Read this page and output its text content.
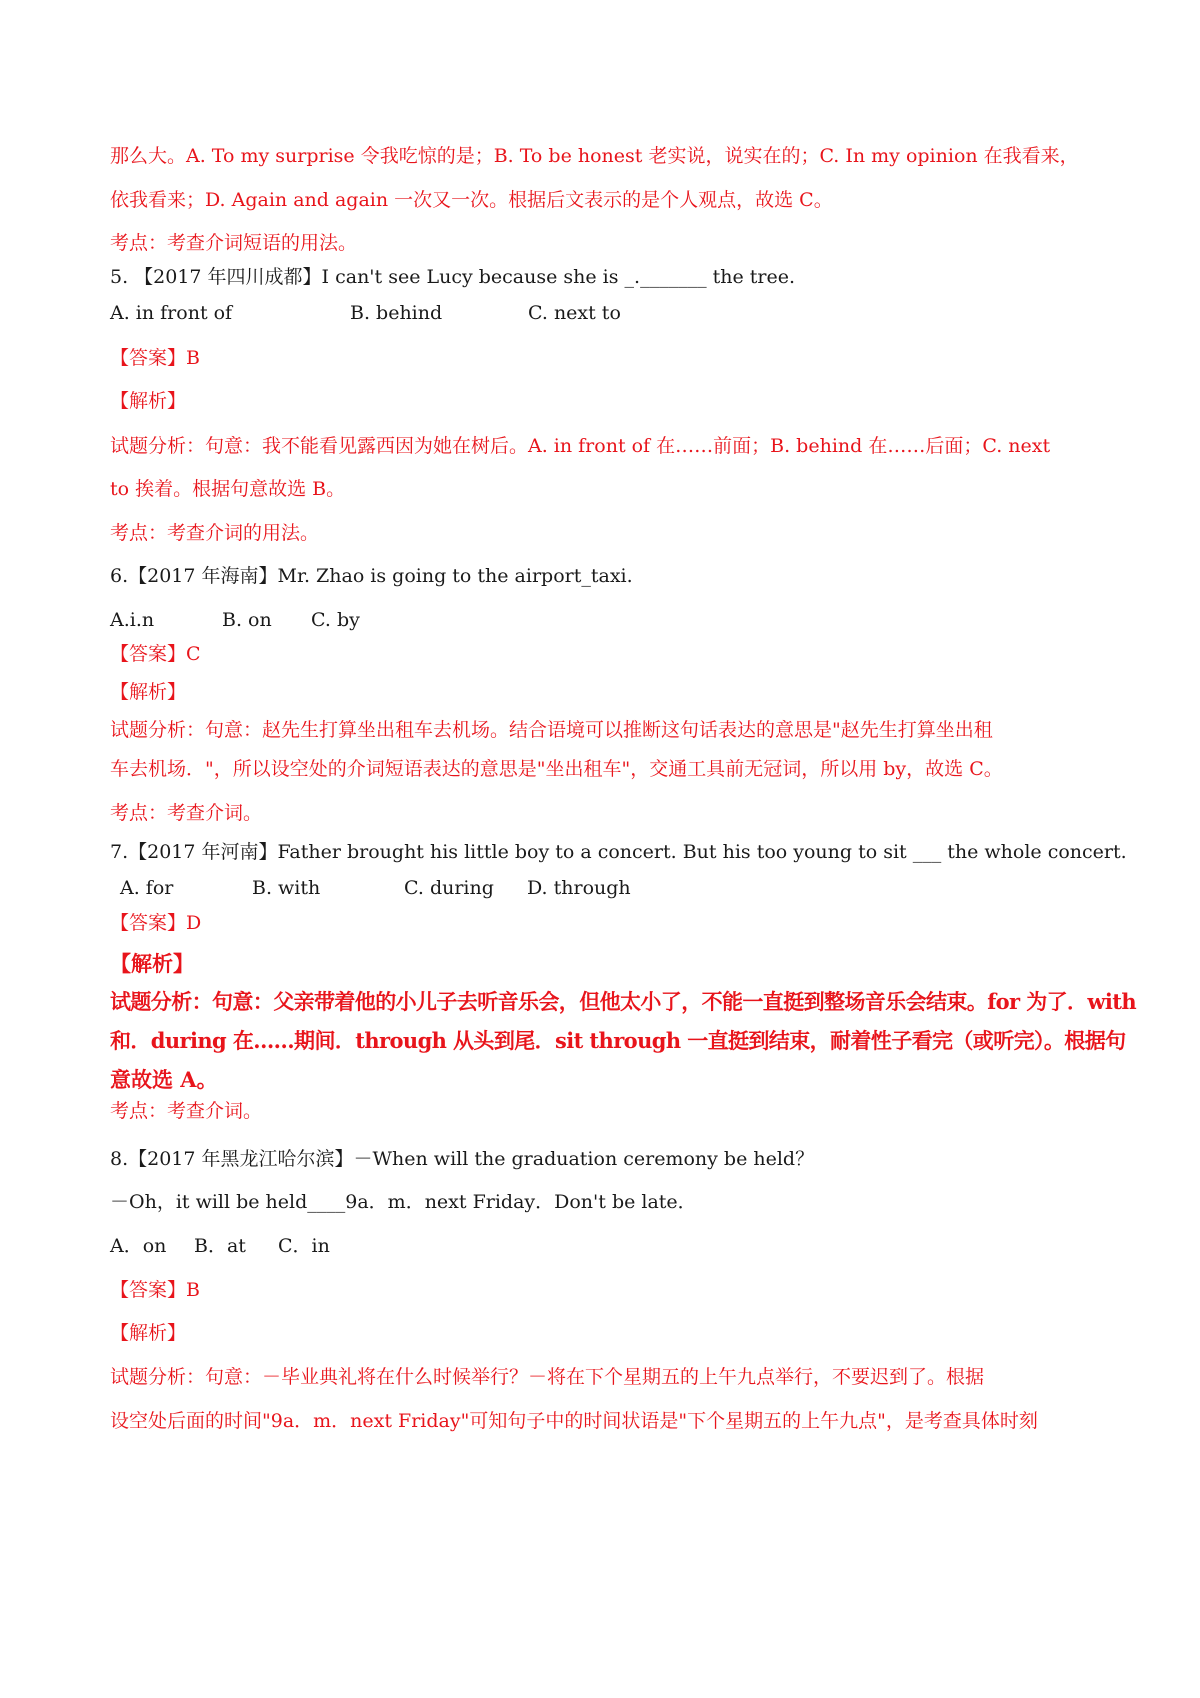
那么大。A. To my surprise 令我吃惊的是；B. To be honest 老实说，说实在的；C. In my opinion 在我看来，
依我看来；D. Again and again 一次又一次。根据后文表示的是个人观点，故选 C。
考点：考查介词短语的用法。
5. 【2017 年四川成都】I can't see Lucy because she is _._______ the tree.
A. in front of	B. behind	C. next to
【答案】B
【解析】
试题分析：句意：我不能看见露西因为她在树后。A. in front of 在……前面；B. behind 在……后面；C. next
to 挨着。根据句意故选 B。
考点：考查介词的用法。
6.【2017 年海南】Mr. Zhao is going to the airport_taxi.
A.i.n	B. on C. by
【答案】C
【解析】
试题分析：句意：赵先生打算坐出租车去机场。结合语境可以推断这句话表达的意思是"赵先生打算坐出租
车去机场．"，所以设空处的介词短语表达的意思是"坐出租车"，交通工具前无冠词，所以用 by，故选 C。
考点：考查介词。
7.【2017 年河南】Father brought his little boy to a concert. But his too young to sit ___ the whole concert.
A. for	B. with	C. during D. through
【答案】D
【解析】
试题分析：句意：父亲带着他的小儿子去听音乐会，但他太小了，不能一直挺到整场音乐会结束。for 为了．with
和．during 在……期间．through 从头到尾．sit through 一直挺到结束，耐着性子看完（或听完）。根据句
意故选 A。
考点：考查介词。
8.【2017 年黑龙江哈尔滨】－When will the graduation ceremony be held？
－Oh，it will be held____9a．m．next Friday．Don't be late．
A．on B．at C．in
【答案】B
【解析】
试题分析：句意：－毕业典礼将在什么时候举行？－将在下个星期五的上午九点举行，不要迟到了。根据
设空处后面的时间"9a．m．next Friday"可知句子中的时间状语是"下个星期五的上午九点"，是考查具体时刻
